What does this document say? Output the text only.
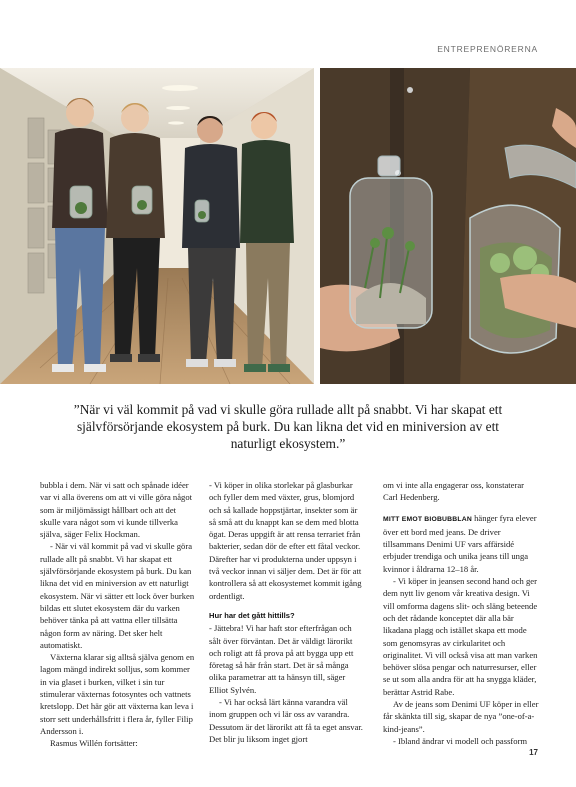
ENTREPRENÖRERNA
”När vi väl kommit på vad vi skulle göra rullade allt på snabbt. Vi har skapat ett självförsörjande ekosystem på burk. Du kan likna det vid en miniversion av ett naturligt ekosystem.”

bubbla i dem. När vi satt och spånade idéer var vi alla överens om att vi ville göra något som är miljömässigt hållbart och att det skulle vara något som vi kunde tillverka själva, säger Felix Hockman.

- När vi väl kommit på vad vi skulle göra rullade allt på snabbt. Vi har skapat ett självförsörjande ekosystem på burk. Du kan likna det vid en miniversion av ett naturligt ekosystem. När vi sätter ett lock över burken bildas ett slutet ekosystem där du varken behöver tänka på att vattna eller tillsätta någon form av näring. Det sker helt automatiskt.

Växterna klarar sig alltså själva genom en lagom mängd indirekt solljus, som kommer in via glaset i burken, vilket i sin tur stimulerar växternas fotosyntes och vattnets kretslopp. Det här gör att växterna kan leva i storr sett underhållsfritt i flera år, fyller Filip Andersson i.

Rasmus Willén fortsätter:

- Vi köper in olika storlekar på glasburkar och fyller dem med växter, grus, blomjord och så kallade hoppstjärtar, insekter som är så små att du knappt kan se dem med blotta ögat. Deras uppgift är att rensa terrariet från bakterier, sedan dör de efter ett fåtal veckor. Därefter har vi produkterna under uppsyn i två veckor innan vi säljer dem. Det är för att kontrollera så att ekosystemet kommit igång ordentligt.

Hur har det gått hittills?

- Jättebra! Vi har haft stor efterfrågan och sålt över förväntan. Det är väldigt lärorikt och roligt att få prova på att bygga upp ett företag så här från start. Det är så många olika parametrar att ta hänsyn till, säger Elliot Sylvén.

- Vi har också lärt känna varandra väl inom gruppen och vi lär oss av varandra. Dessutom är det lärorikt att få ta eget ansvar. Det blir ju liksom inget gjort

om vi inte alla engagerar oss, konstaterar Carl Hedenberg.

MITT EMOT BIOBUBBLAN hänger fyra elever över ett bord med jeans. De driver tillsammans Denimi UF vars affärsidé erbjuder trendiga och unika jeans till unga kvinnor i åldrarna 12–18 år.

- Vi köper in jeansen second hand och ger dem nytt liv genom vår kreativa design. Vi vill omforma dagens slit- och släng beteende och det rådande konceptet där alla bär likadana plagg och istället skapa ett mode som genomsyras av cirkularitet och originalitet. Vi vill också visa att man varken behöver slösa pengar och naturresurser, eller se ut som alla andra för att ha snygga kläder, berättar Astrid Rabe.

Av de jeans som Denimi UF köper in eller får skänkta till sig, skapar de nya ”one-of-a-kind-jeans”.

- Ibland ändrar vi modell och passform

17
